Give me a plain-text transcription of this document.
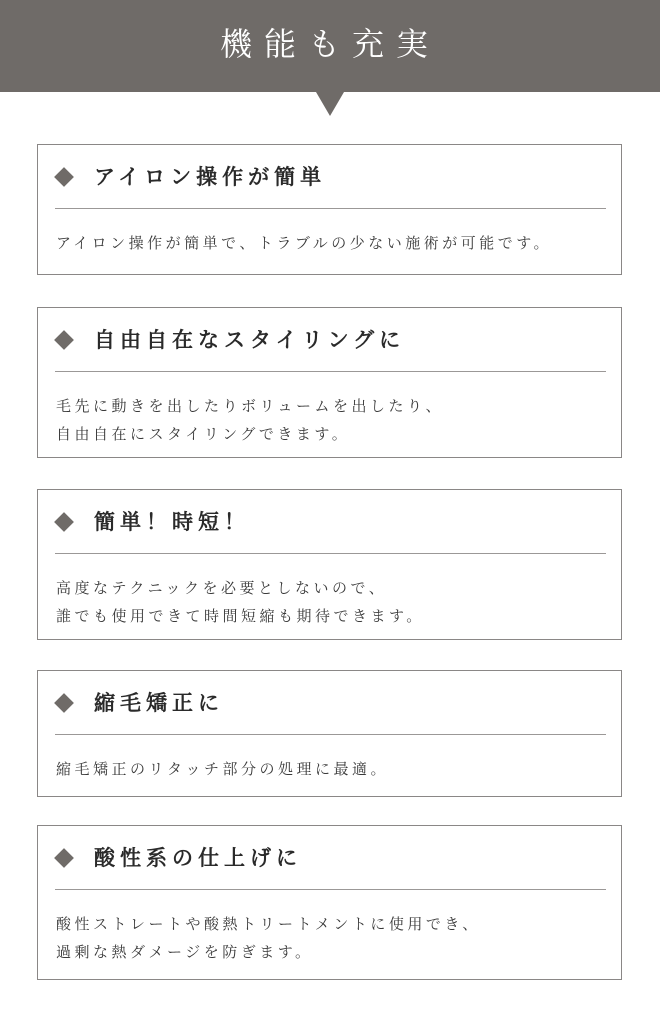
機能も充実
アイロン操作が簡単
アイロン操作が簡単で、トラブルの少ない施術が可能です。
自由自在なスタイリングに
毛先に動きを出したりボリュームを出したり、
自由自在にスタイリングできます。
簡単！時短！
高度なテクニックを必要としないので、
誰でも使用できて時間短縮も期待できます。
縮毛矯正に
縮毛矯正のリタッチ部分の処理に最適。
酸性系の仕上げに
酸性ストレートや酸熱トリートメントに使用でき、
過剰な熱ダメージを防ぎます。
